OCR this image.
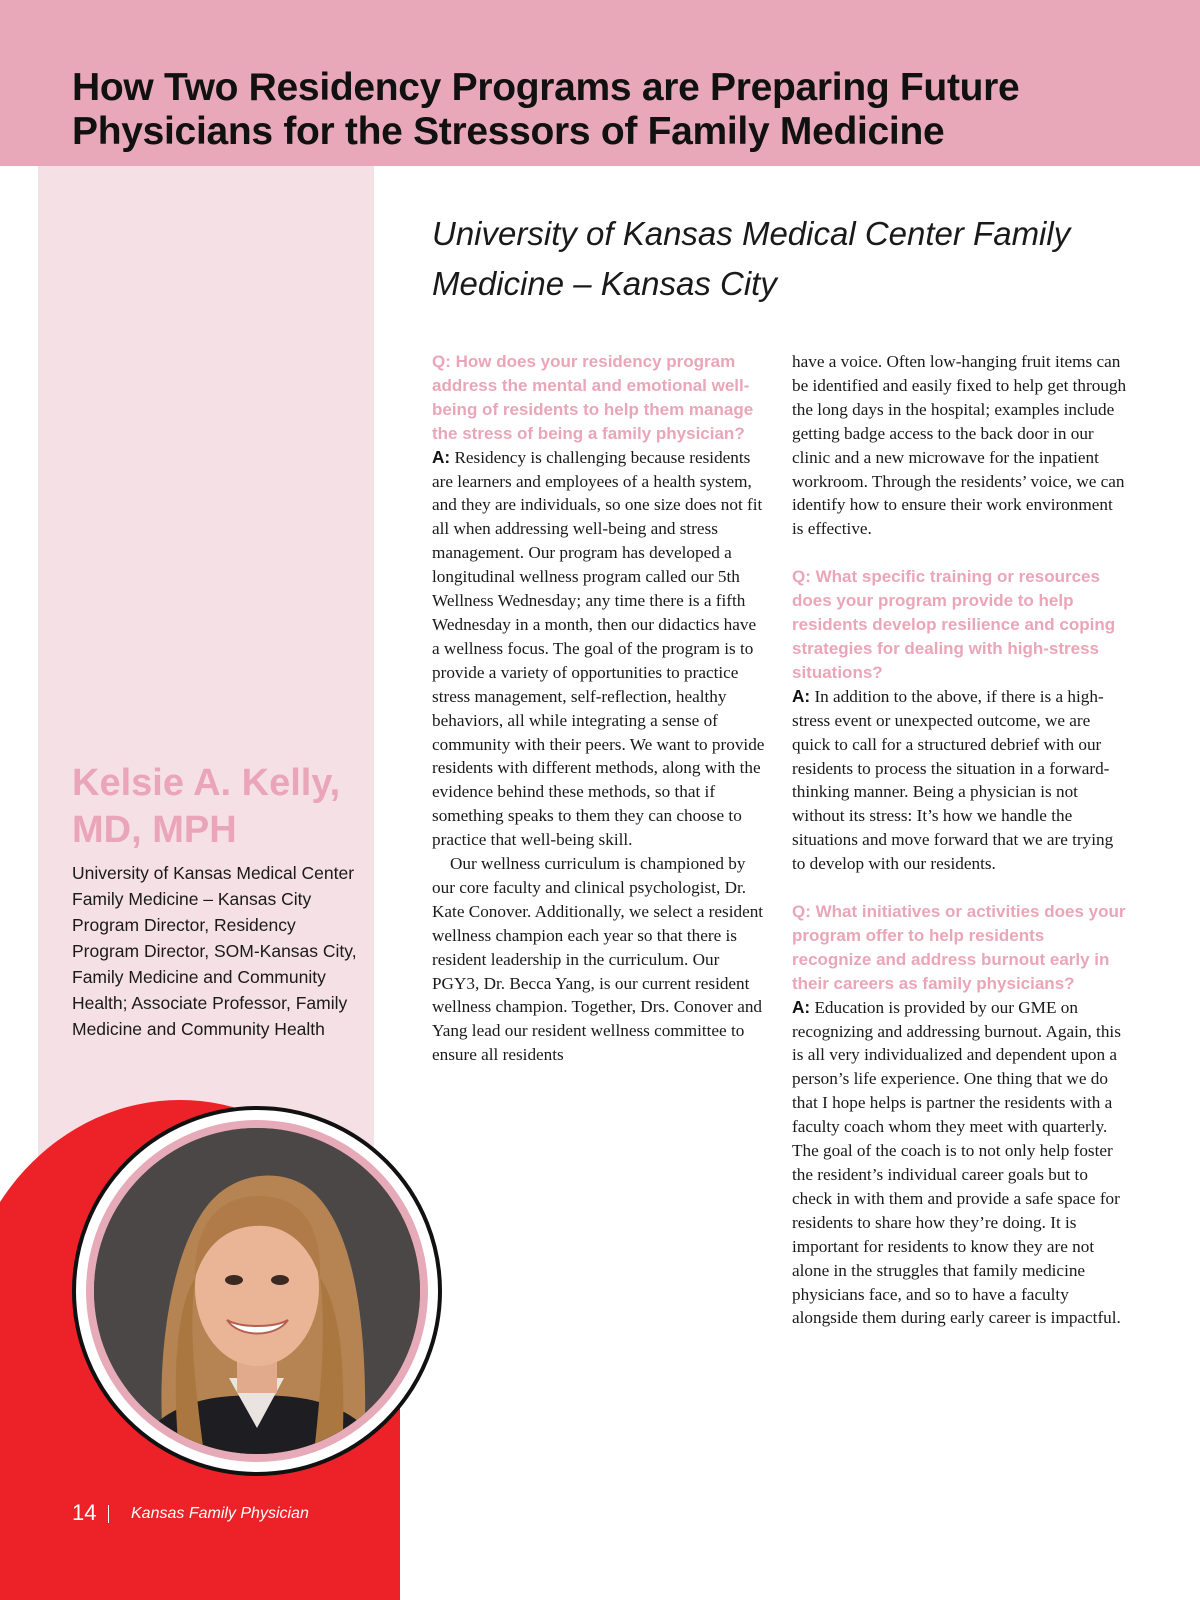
How Two Residency Programs are Preparing Future Physicians for the Stressors of Family Medicine
Kelsie A. Kelly, MD, MPH
University of Kansas Medical Center Family Medicine – Kansas City Program Director, Residency Program Director, SOM-Kansas City, Family Medicine and Community Health; Associate Professor, Family Medicine and Community Health
University of Kansas Medical Center Family Medicine – Kansas City

Q: How does your residency program address the mental and emotional well-being of residents to help them manage the stress of being a family physician?

A: Residency is challenging because residents are learners and employees of a health system, and they are individuals, so one size does not fit all when addressing well-being and stress management. Our program has developed a longitudinal wellness program called our 5th Wellness Wednesday; any time there is a fifth Wednesday in a month, then our didactics have a wellness focus. The goal of the program is to provide a variety of opportunities to practice stress management, self-reflection, healthy behaviors, all while integrating a sense of community with their peers. We want to provide residents with different methods, along with the evidence behind these methods, so that if something speaks to them they can choose to practice that well-being skill.

Our wellness curriculum is championed by our core faculty and clinical psychologist, Dr. Kate Conover. Additionally, we select a resident wellness champion each year so that there is resident leadership in the curriculum. Our PGY3, Dr. Becca Yang, is our current resident wellness champion. Together, Drs. Conover and Yang lead our resident wellness committee to ensure all residents

have a voice. Often low-hanging fruit items can be identified and easily fixed to help get through the long days in the hospital; examples include getting badge access to the back door in our clinic and a new microwave for the inpatient workroom. Through the residents’ voice, we can identify how to ensure their work environment is effective.

Q: What specific training or resources does your program provide to help residents develop resilience and coping strategies for dealing with high-stress situations?

A: In addition to the above, if there is a high-stress event or unexpected outcome, we are quick to call for a structured debrief with our residents to process the situation in a forward-thinking manner. Being a physician is not without its stress: It’s how we handle the situations and move forward that we are trying to develop with our residents.

Q: What initiatives or activities does your program offer to help residents recognize and address burnout early in their careers as family physicians?

A: Education is provided by our GME on recognizing and addressing burnout. Again, this is all very individualized and dependent upon a person’s life experience. One thing that we do that I hope helps is partner the residents with a faculty coach whom they meet with quarterly. The goal of the coach is to not only help foster the resident’s individual career goals but to check in with them and provide a safe space for residents to share how they’re doing. It is important for residents to know they are not alone in the struggles that family medicine physicians face, and so to have a faculty alongside them during early career is impactful.

14 Kansas Family Physician
